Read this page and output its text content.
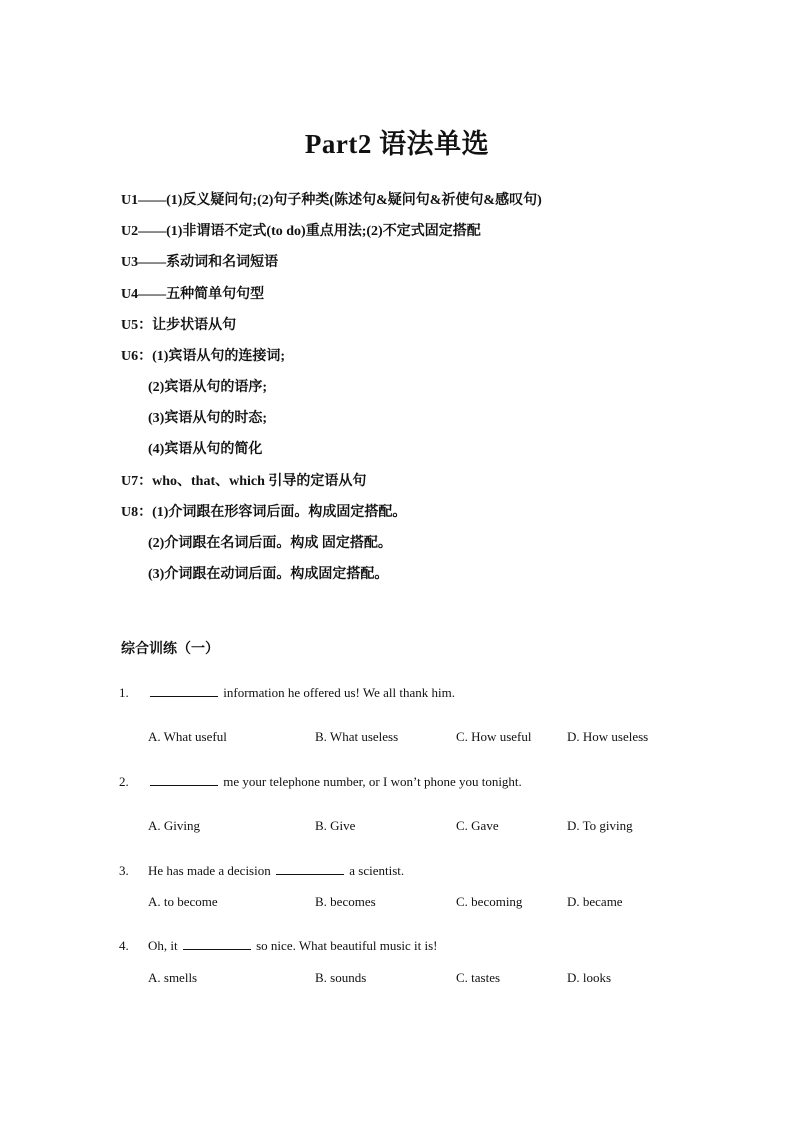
Part2 语法单选
U1——(1)反义疑问句;(2)句子种类(陈述句&疑问句&祈使句&感叹句)
U2——(1)非谓语不定式(to do)重点用法;(2)不定式固定搭配
U3——系动词和名词短语
U4——五种简单句句型
U5：让步状语从句
U6：(1)宾语从句的连接词;
(2)宾语从句的语序;
(3)宾语从句的时态;
(4)宾语从句的简化
U7：who、that、which 引导的定语从句
U8：(1)介词跟在形容词后面。构成固定搭配。
(2)介词跟在名词后面。构成 固定搭配。
(3)介词跟在动词后面。构成固定搭配。
综合训练（一）
1.	information he offered us! We all thank him.
A. What useful	B. What useless	C. How useful	D. How useless
2.	me your telephone number, or I won’t phone you tonight.
A. Giving	B. Give	C. Gave	D. To giving
3. He has made a decision	a scientist.
A. to become	B. becomes	C. becoming	D. became
4. Oh, it	so nice. What beautiful music it is!
A. smells	B. sounds	C. tastes	D. looks
